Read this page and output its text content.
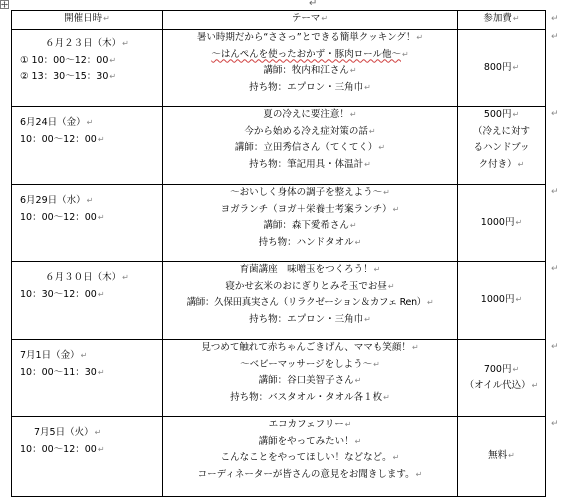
↵
開催日時↵	テーマ↵	参加費↵

６月２３日（木）↵
① 10：00～12：00↵
② 13：30～15：30↵	暑い時期だから“ささっ”とできる簡単クッキング！↵
～はんぺんを使ったおかず・豚肉ロール他～↵
講師：牧内和江さん↵
持ち物：エプロン・三角巾↵	800円↵

6月24日（金）↵
10：00～12：00↵	夏の冷えに要注意！↵
今から始める冷え症対策の話↵
講師：立田秀信さん（てくてく）↵
持ち物：筆記用具・体温計↵	500円↵
（冷えに対す
るハンドブッ
ク付き）↵

6月29日（水）↵
10：00～12：00↵	～おいしく身体の調子を整えよう～↵
ヨガランチ（ヨガ＋栄養士考案ランチ）↵
講師：森下愛希さん↵
持ち物：ハンドタオル↵	1000円↵

６月３０日（木）↵
10：30～12：00↵	育菌講座　味噌玉をつくろう！↵
寝かせ玄米のおにぎりとみそ玉でお昼↵
講師：久保田真実さん（リラクゼーション＆カフェ Ren）↵
持ち物：エプロン・三角巾↵	1000円↵

7月1日（金）↵
10：00～11：30↵	見つめて触れて赤ちゃんごきげん、ママも笑顔！↵
～ベビーマッサージをしよう～↵
講師：谷口美智子さん↵
持ち物：バスタオル・タオル各１枚↵	700円↵
（オイル代込）↵

7月5日（火）↵
10：00～12：00↵	エコカフェフリー↵
講師をやってみたい！↵
こんなことをやってほしい！などなど。↵
コーディネーターが皆さんの意見をお聞きします。↵	無料↵
↵
↵
↵
↵
↵
↵
↵
